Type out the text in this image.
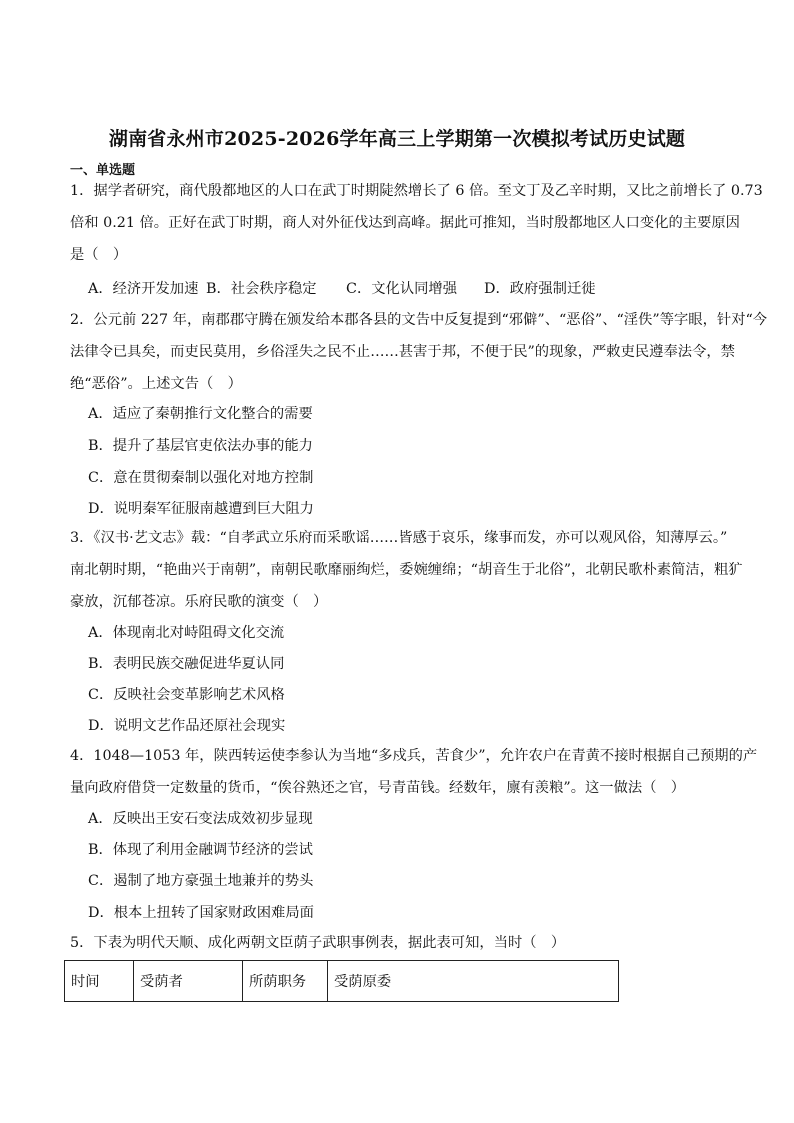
湖南省永州市2025-2026学年高三上学期第一次模拟考试历史试题
一、单选题
1．据学者研究，商代殷都地区的人口在武丁时期陡然增长了 6 倍。至文丁及乙辛时期，又比之前增长了 0.73
倍和 0.21 倍。正好在武丁时期，商人对外征伐达到高峰。据此可推知，当时殷都地区人口变化的主要原因
是（　）
A．经济开发加速 B．社会秩序稳定 C．文化认同增强 D．政府强制迁徙
2．公元前 227 年，南郡郡守腾在颁发给本郡各县的文告中反复提到“邪僻”、“恶俗”、“淫佚”等字眼，针对“今
法律令已具矣，而吏民莫用，乡俗淫失之民不止……甚害于邦，不便于民”的现象，严敕吏民遵奉法令，禁
绝“恶俗”。上述文告（　）
A．适应了秦朝推行文化整合的需要
B．提升了基层官吏依法办事的能力
C．意在贯彻秦制以强化对地方控制
D．说明秦军征服南越遭到巨大阻力
3．《汉书·艺文志》载：“自孝武立乐府而采歌谣……皆感于哀乐，缘事而发，亦可以观风俗，知薄厚云。”
南北朝时期，“艳曲兴于南朝”，南朝民歌靡丽绚烂，委婉缠绵；“胡音生于北俗”，北朝民歌朴素简洁，粗犷
豪放，沉郁苍凉。乐府民歌的演变（　）
A．体现南北对峙阻碍文化交流
B．表明民族交融促进华夏认同
C．反映社会变革影响艺术风格
D．说明文艺作品还原社会现实
4．1048—1053 年，陕西转运使李参认为当地“多戍兵，苦食少”，允许农户在青黄不接时根据自己预期的产
量向政府借贷一定数量的货币，“俟谷熟还之官，号青苗钱。经数年，廪有羡粮”。这一做法（　）
A．反映出王安石变法成效初步显现
B．体现了利用金融调节经济的尝试
C．遏制了地方豪强土地兼并的势头
D．根本上扭转了国家财政困难局面
5．下表为明代天顺、成化两朝文臣荫子武职事例表，据此表可知，当时（　）
时间	受荫者	所荫职务	受荫原委
